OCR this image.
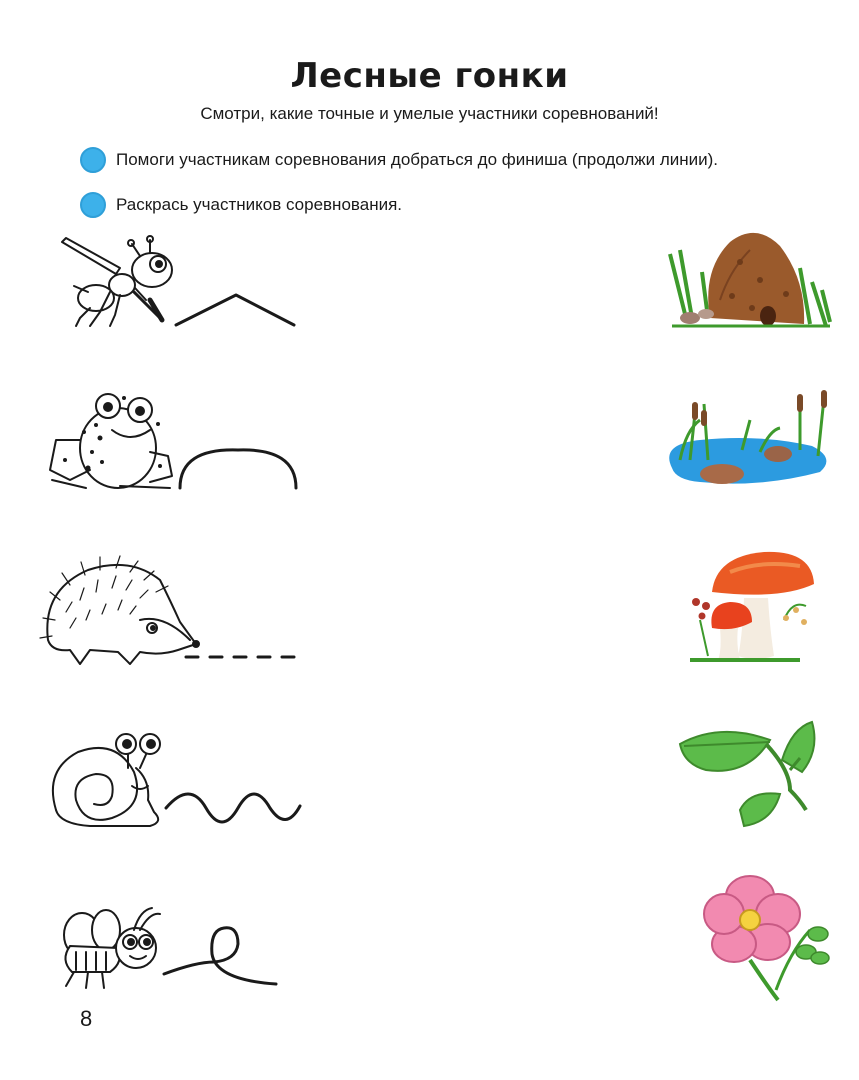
Лесные гонки
Смотри, какие точные и умелые участники соревнований!
Помоги участникам соревнования добраться до финиша (продолжи линии).
Раскрась участников соревнования.
8
